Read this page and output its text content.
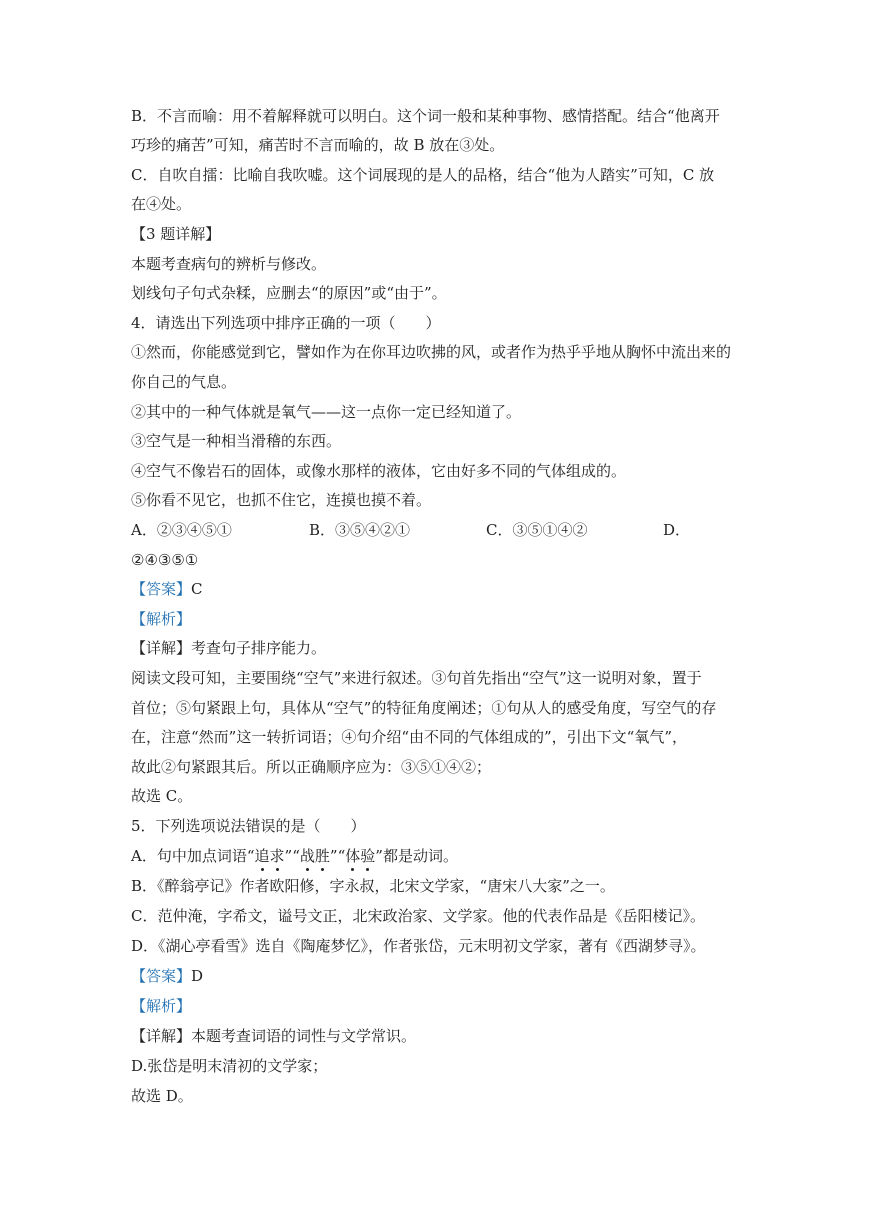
B．不言而喻：用不着解释就可以明白。这个词一般和某种事物、感情搭配。结合“他离开
巧珍的痛苦”可知，痛苦时不言而喻的，故 B 放在③处。
C．自吹自擂：比喻自我吹嘘。这个词展现的是人的品格，结合“他为人踏实”可知，C 放
在④处。
【3 题详解】
本题考查病句的辨析与修改。
划线句子句式杂糅，应删去“的原因”或“由于”。
4．请选出下列选项中排序正确的一项（　　）
①然而，你能感觉到它，譬如作为在你耳边吹拂的风，或者作为热乎乎地从胸怀中流出来的
你自己的气息。
②其中的一种气体就是氧气——这一点你一定已经知道了。
③空气是一种相当滑稽的东西。
④空气不像岩石的固体，或像水那样的液体，它由好多不同的气体组成的。
⑤你看不见它，也抓不住它，连摸也摸不着。
A．②③④⑤①	B．③⑤④②①	C．③⑤①④②	D．
②④③⑤①
【答案】C
【解析】
【详解】考查句子排序能力。
阅读文段可知，主要围绕“空气”来进行叙述。③句首先指出“空气”这一说明对象，置于
首位；⑤句紧跟上句，具体从“空气”的特征角度阐述；①句从人的感受角度，写空气的存
在，注意“然而”这一转折词语；④句介绍“由不同的气体组成的”，引出下文“氧气”，
故此②句紧跟其后。所以正确顺序应为：③⑤①④②；
故选 C。
5．下列选项说法错误的是（　　）
A．句中加点词语“追求”“战胜”“体验”都是动词。
B．《醉翁亭记》作者欧阳修，字永叔，北宋文学家，“唐宋八大家”之一。
C．范仲淹，字希文，谥号文正，北宋政治家、文学家。他的代表作品是《岳阳楼记》。
D．《湖心亭看雪》选自《陶庵梦忆》，作者张岱，元末明初文学家，著有《西湖梦寻》。
【答案】D
【解析】
【详解】本题考查词语的词性与文学常识。
D.张岱是明末清初的文学家；
故选 D。
